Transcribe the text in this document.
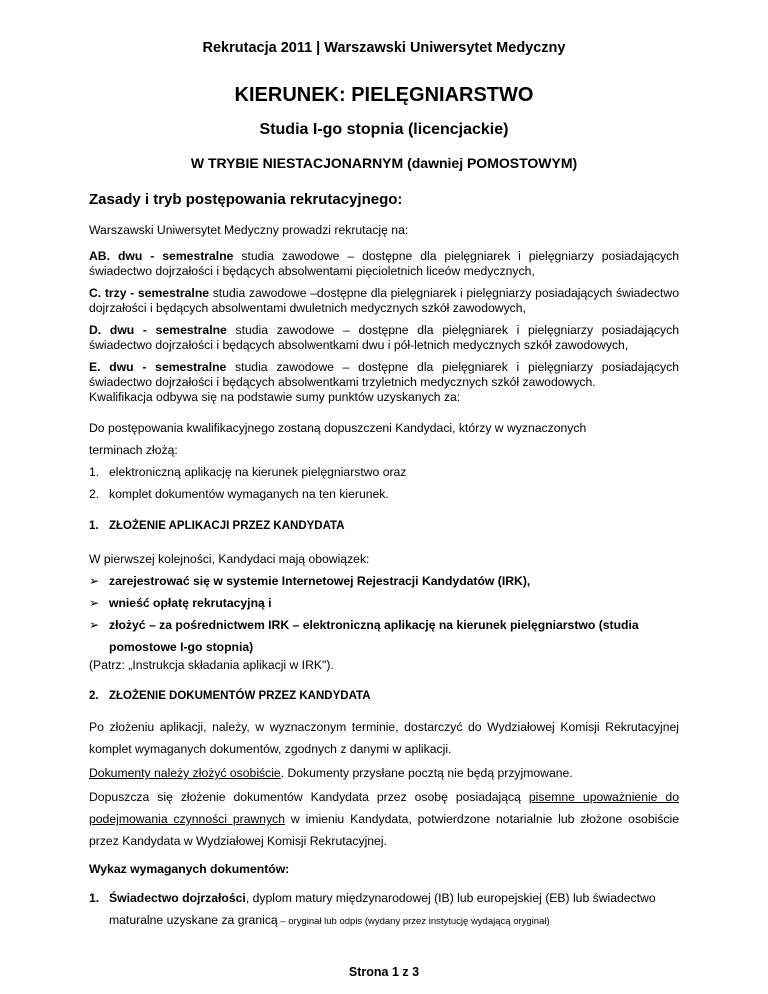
Rekrutacja 2011 | Warszawski Uniwersytet Medyczny
KIERUNEK: PIELĘGNIARSTWO
Studia I-go stopnia (licencjackie)
W TRYBIE NIESTACJONARNYM (dawniej POMOSTOWYM)
Zasady i tryb postępowania rekrutacyjnego:

Warszawski Uniwersytet Medyczny prowadzi rekrutację na:

AB. dwu - semestralne studia zawodowe – dostępne dla pielęgniarek i pielęgniarzy posiadających świadectwo dojrzałości i będących absolwentami pięcioletnich liceów medycznych,

C. trzy - semestralne studia zawodowe –dostępne dla pielęgniarek i pielęgniarzy posiadających świadectwo dojrzałości i będących absolwentami dwuletnich medycznych szkół zawodowych,

D. dwu - semestralne studia zawodowe – dostępne dla pielęgniarek i pielęgniarzy posiadających świadectwo dojrzałości i będących absolwentkami dwu i pół-letnich medycznych szkół zawodowych,

E. dwu - semestralne studia zawodowe – dostępne dla pielęgniarek i pielęgniarzy posiadających świadectwo dojrzałości i będących absolwentkami trzyletnich medycznych szkół zawodowych.

Kwalifikacja odbywa się na podstawie sumy punktów uzyskanych za:

Do postępowania kwalifikacyjnego zostaną dopuszczeni Kandydaci, którzy w wyznaczonych

terminach złożą:

1. elektroniczną aplikację na kierunek pielęgniarstwo oraz
2. komplet dokumentów wymaganych na ten kierunek.
1. ZŁOŻENIE APLIKACJI PRZEZ KANDYDATA

W pierwszej kolejności, Kandydaci mają obowiązek:

➢ zarejestrować się w systemie Internetowej Rejestracji Kandydatów (IRK),
➢ wnieść opłatę rekrutacyjną i
➢ złożyć – za pośrednictwem IRK – elektroniczną aplikację na kierunek pielęgniarstwo (studia pomostowe I-go stopnia)

(Patrz: „Instrukcja składania aplikacji w IRK").

2. ZŁOŻENIE DOKUMENTÓW PRZEZ KANDYDATA

Po złożeniu aplikacji, należy, w wyznaczonym terminie, dostarczyć do Wydziałowej Komisji Rekrutacyjnej komplet wymaganych dokumentów, zgodnych z danymi w aplikacji.

Dokumenty należy złożyć osobiście. Dokumenty przysłane pocztą nie będą przyjmowane.

Dopuszcza się złożenie dokumentów Kandydata przez osobę posiadającą pisemne upoważnienie do podejmowania czynności prawnych w imieniu Kandydata, potwierdzone notarialnie lub złożone osobiście przez Kandydata w Wydziałowej Komisji Rekrutacyjnej.

Wykaz wymaganych dokumentów:

1. Świadectwo dojrzałości, dyplom matury międzynarodowej (IB) lub europejskiej (EB) lub świadectwo maturalne uzyskane za granicą – oryginał lub odpis (wydany przez instytucję wydającą oryginał)
Strona 1 z 3
